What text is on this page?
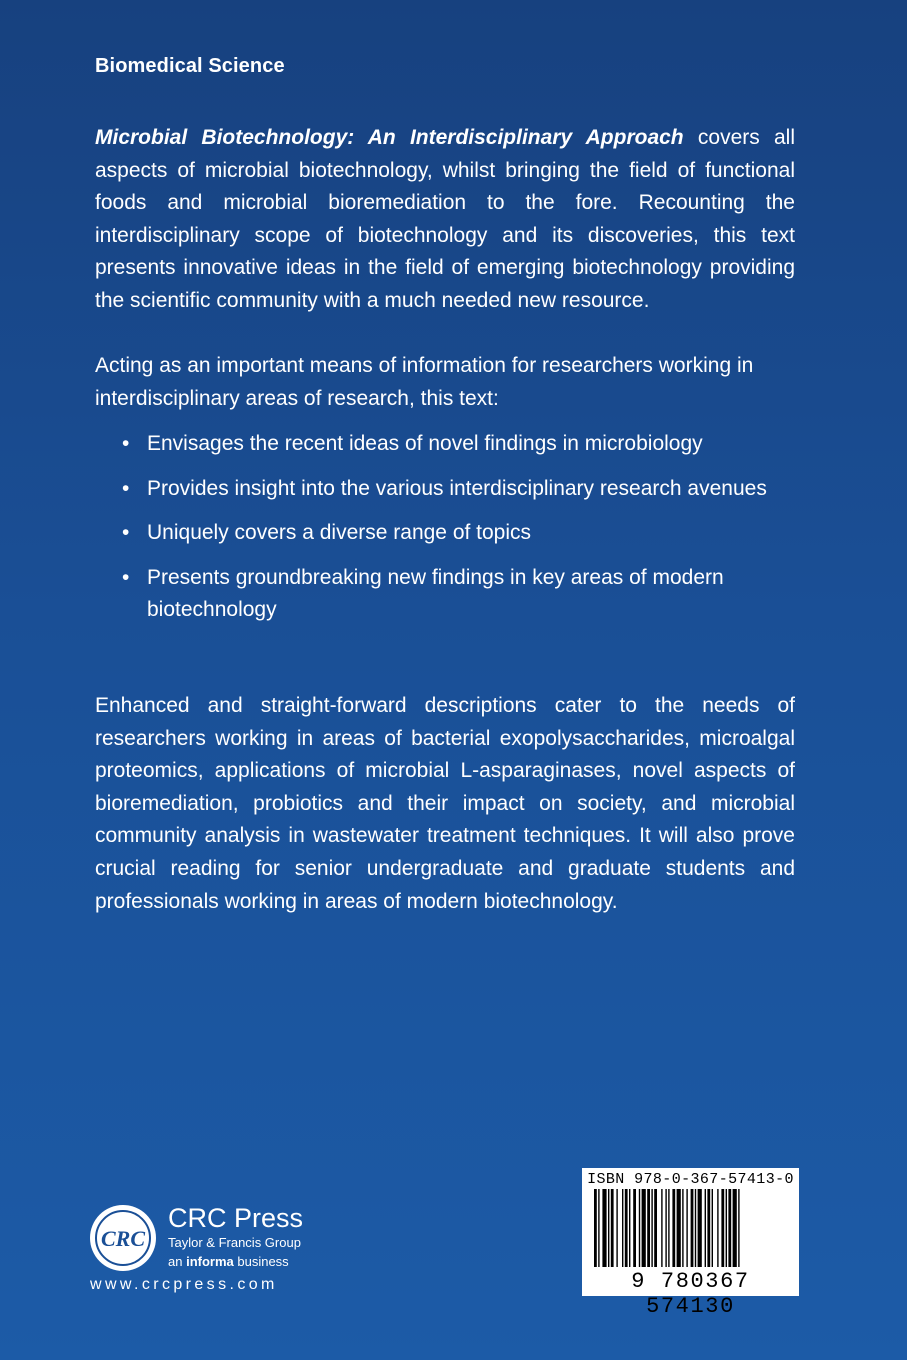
Biomedical Science
Microbial Biotechnology: An Interdisciplinary Approach covers all aspects of microbial biotechnology, whilst bringing the field of functional foods and microbial bioremediation to the fore. Recounting the interdisciplinary scope of biotechnology and its discoveries, this text presents innovative ideas in the field of emerging biotechnology providing the scientific community with a much needed new resource.
Acting as an important means of information for researchers working in interdisciplinary areas of research, this text:
• Envisages the recent ideas of novel findings in microbiology
• Provides insight into the various interdisciplinary research avenues
• Uniquely covers a diverse range of topics
• Presents groundbreaking new findings in key areas of modern biotechnology
Enhanced and straight-forward descriptions cater to the needs of researchers working in areas of bacterial exopolysaccharides, microalgal proteomics, applications of microbial L-asparaginases, novel aspects of bioremediation, probiotics and their impact on society, and microbial community analysis in wastewater treatment techniques. It will also prove crucial reading for senior undergraduate and graduate students and professionals working in areas of modern biotechnology.
CRC
CRC Press
Taylor & Francis Group
an informa business
www.crcpress.com
ISBN 978-0-367-57413-0
9 780367 574130
